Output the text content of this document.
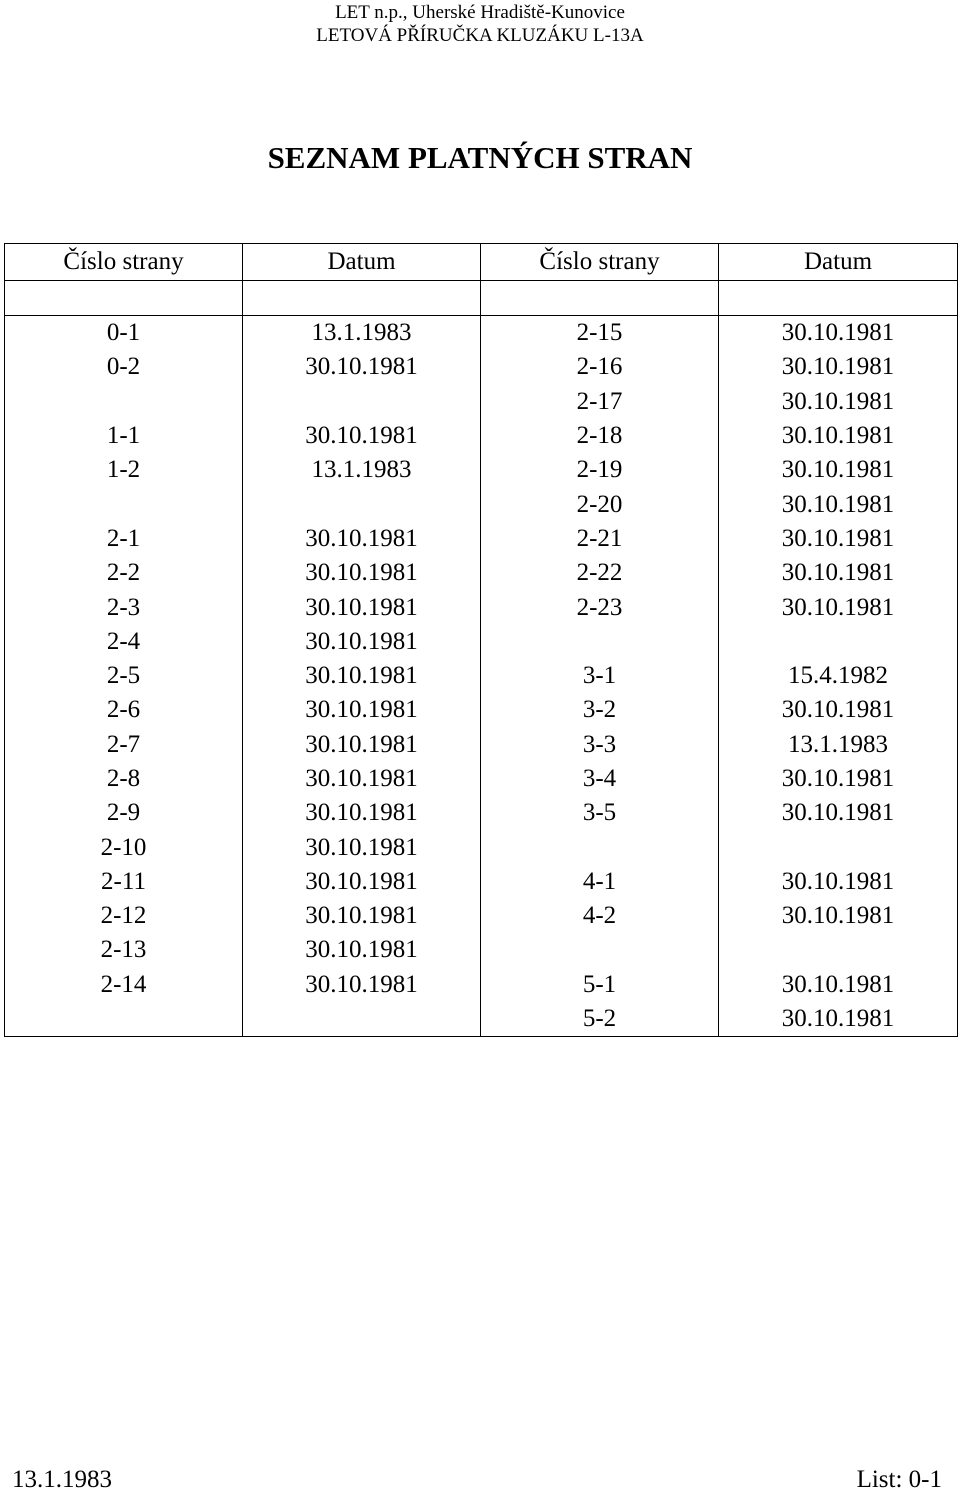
LET n.p., Uherské Hradiště-Kunovice
LETOVÁ PŘÍRUČKA KLUZÁKU L-13A
SEZNAM PLATNÝCH STRAN
Číslo strany	Datum	Číslo strany	Datum

0-1	13.1.1983	2-15	30.10.1981
0-2	30.10.1981	2-16	30.10.1981
		2-17	30.10.1981
1-1	30.10.1981	2-18	30.10.1981
1-2	13.1.1983	2-19	30.10.1981
		2-20	30.10.1981
2-1	30.10.1981	2-21	30.10.1981
2-2	30.10.1981	2-22	30.10.1981
2-3	30.10.1981	2-23	30.10.1981
2-4	30.10.1981		
2-5	30.10.1981	3-1	15.4.1982
2-6	30.10.1981	3-2	30.10.1981
2-7	30.10.1981	3-3	13.1.1983
2-8	30.10.1981	3-4	30.10.1981
2-9	30.10.1981	3-5	30.10.1981
2-10	30.10.1981		
2-11	30.10.1981	4-1	30.10.1981
2-12	30.10.1981	4-2	30.10.1981
2-13	30.10.1981		
2-14	30.10.1981	5-1	30.10.1981
		5-2	30.10.1981
13.1.1983	List: 0-1
